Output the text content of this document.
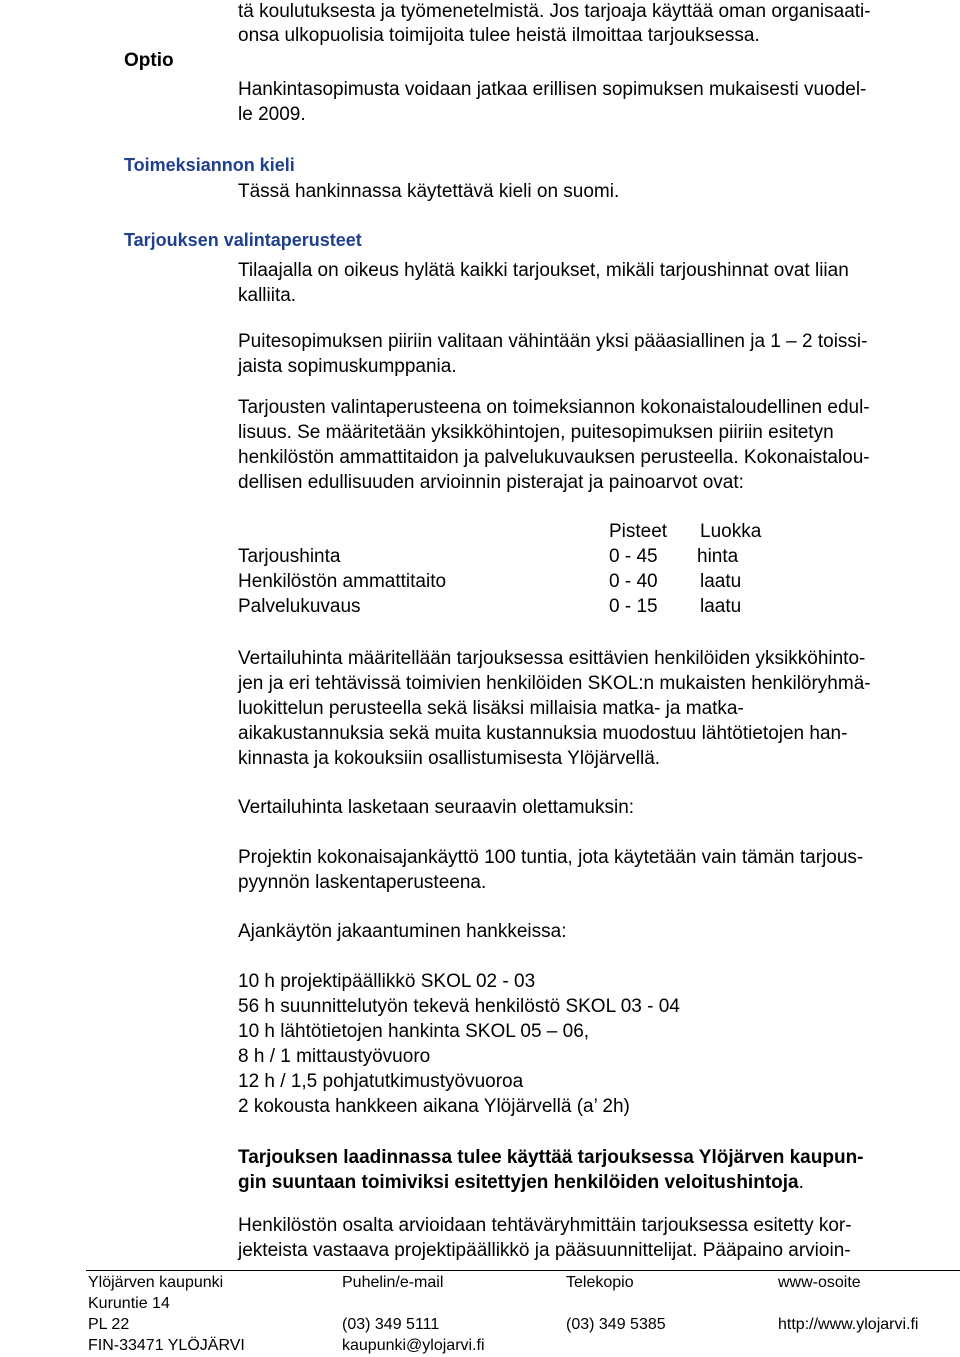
Optio
tä koulutuksesta ja työmenetelmistä. Jos tarjoaja käyttää oman organisaati-
onsa ulkopuolisia toimijoita tulee heistä ilmoittaa tarjouksessa.
Hankintasopimusta voidaan jatkaa erillisen sopimuksen mukaisesti vuodel-
le 2009.
Toimeksiannon kieli
Tässä hankinnassa käytettävä kieli on suomi.
Tarjouksen valintaperusteet
Tilaajalla on oikeus hylätä kaikki tarjoukset, mikäli tarjoushinnat ovat liian
kalliita.
Puitesopimuksen piiriin valitaan vähintään yksi pääasiallinen ja 1 – 2 toissi-
jaista sopimuskumppania.
Tarjousten valintaperusteena on toimeksiannon kokonaistaloudellinen edul-
lisuus. Se määritetään yksikköhintojen, puitesopimuksen piiriin esitetyn
henkilöstön ammattitaidon ja palvelukuvauksen perusteella. Kokonaistalou-
dellisen edullisuuden arvioinnin pisterajat ja painoarvot ovat:
Pisteet Luokka
Tarjoushinta	0 - 45 hinta
Henkilöstön ammattitaito	0 - 40 laatu
Palvelukuvaus	0 - 15 laatu
Vertailuhinta määritellään tarjouksessa esittävien henkilöiden yksikköhinto-
jen ja eri tehtävissä toimivien henkilöiden SKOL:n mukaisten henkilöryhmä-
luokittelun perusteella sekä lisäksi millaisia matka- ja matka-
aikakustannuksia sekä muita kustannuksia muodostuu lähtötietojen han-
kinnasta ja kokouksiin osallistumisesta Ylöjärvellä.
Vertailuhinta lasketaan seuraavin olettamuksin:
Projektin kokonaisajankäyttö 100 tuntia, jota käytetään vain tämän tarjous-
pyynnön laskentaperusteena.
Ajankäytön jakaantuminen hankkeissa:
10 h projektipäällikkö SKOL 02 - 03
56 h suunnittelutyön tekevä henkilöstö SKOL 03 - 04
10 h lähtötietojen hankinta SKOL 05 – 06,
8 h / 1 mittaustyövuoro
12 h / 1,5 pohjatutkimustyövuoroa
2 kokousta hankkeen aikana Ylöjärvellä (a’ 2h)
Tarjouksen laadinnassa tulee käyttää tarjouksessa Ylöjärven kaupun-
gin suuntaan toimiviksi esitettyjen henkilöiden veloitushintoja.
Henkilöstön osalta arvioidaan tehtäväryhmittäin tarjouksessa esitetty kor-
jekteista vastaava projektipäällikkö ja pääsuunnittelijat. Pääpaino arvioin-
Ylöjärven kaupunki
Kuruntie 14
PL 22
FIN-33471 YLÖJÄRVI
Puhelin/e-mail
(03) 349 5111
kaupunki@ylojarvi.fi
Telekopio
(03) 349 5385
www-osoite
http://www.ylojarvi.fi
